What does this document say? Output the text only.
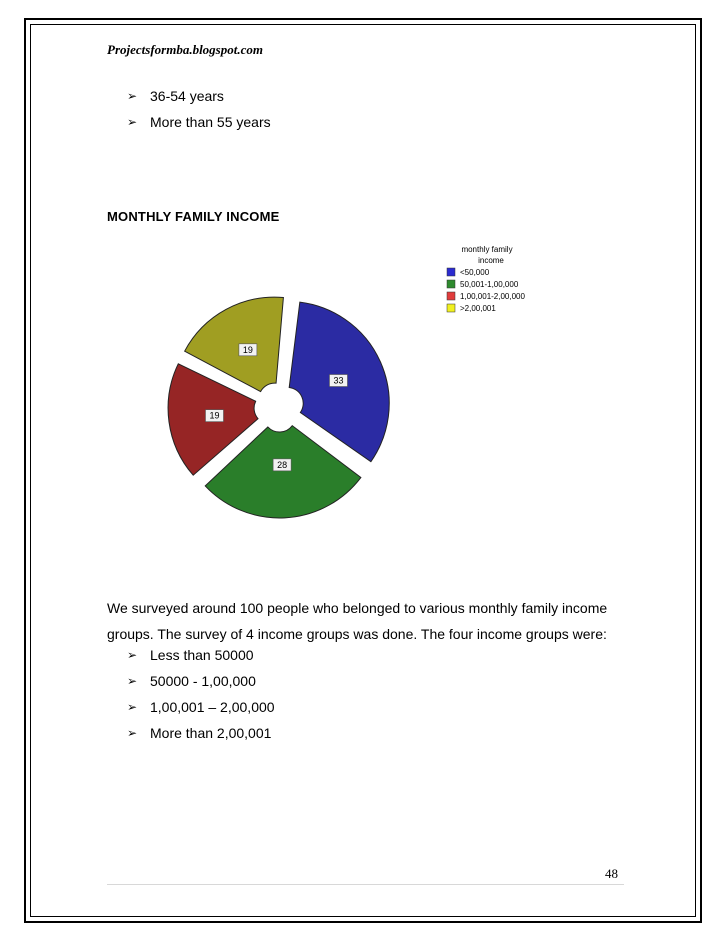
Projectsformba.blogspot.com
➢ 36-54 years
➢ More than 55 years
MONTHLY FAMILY INCOME
monthly family
income
<50,000
50,001-1,00,000
1,00,001-2,00,000
>2,00,001
33
28
19
19
We surveyed around 100 people who belonged to various monthly family income groups. The survey of 4 income groups was done. The four income groups were:
➢ Less than 50000
➢ 50000 - 1,00,000
➢ 1,00,001 – 2,00,000
➢ More than 2,00,001
48
